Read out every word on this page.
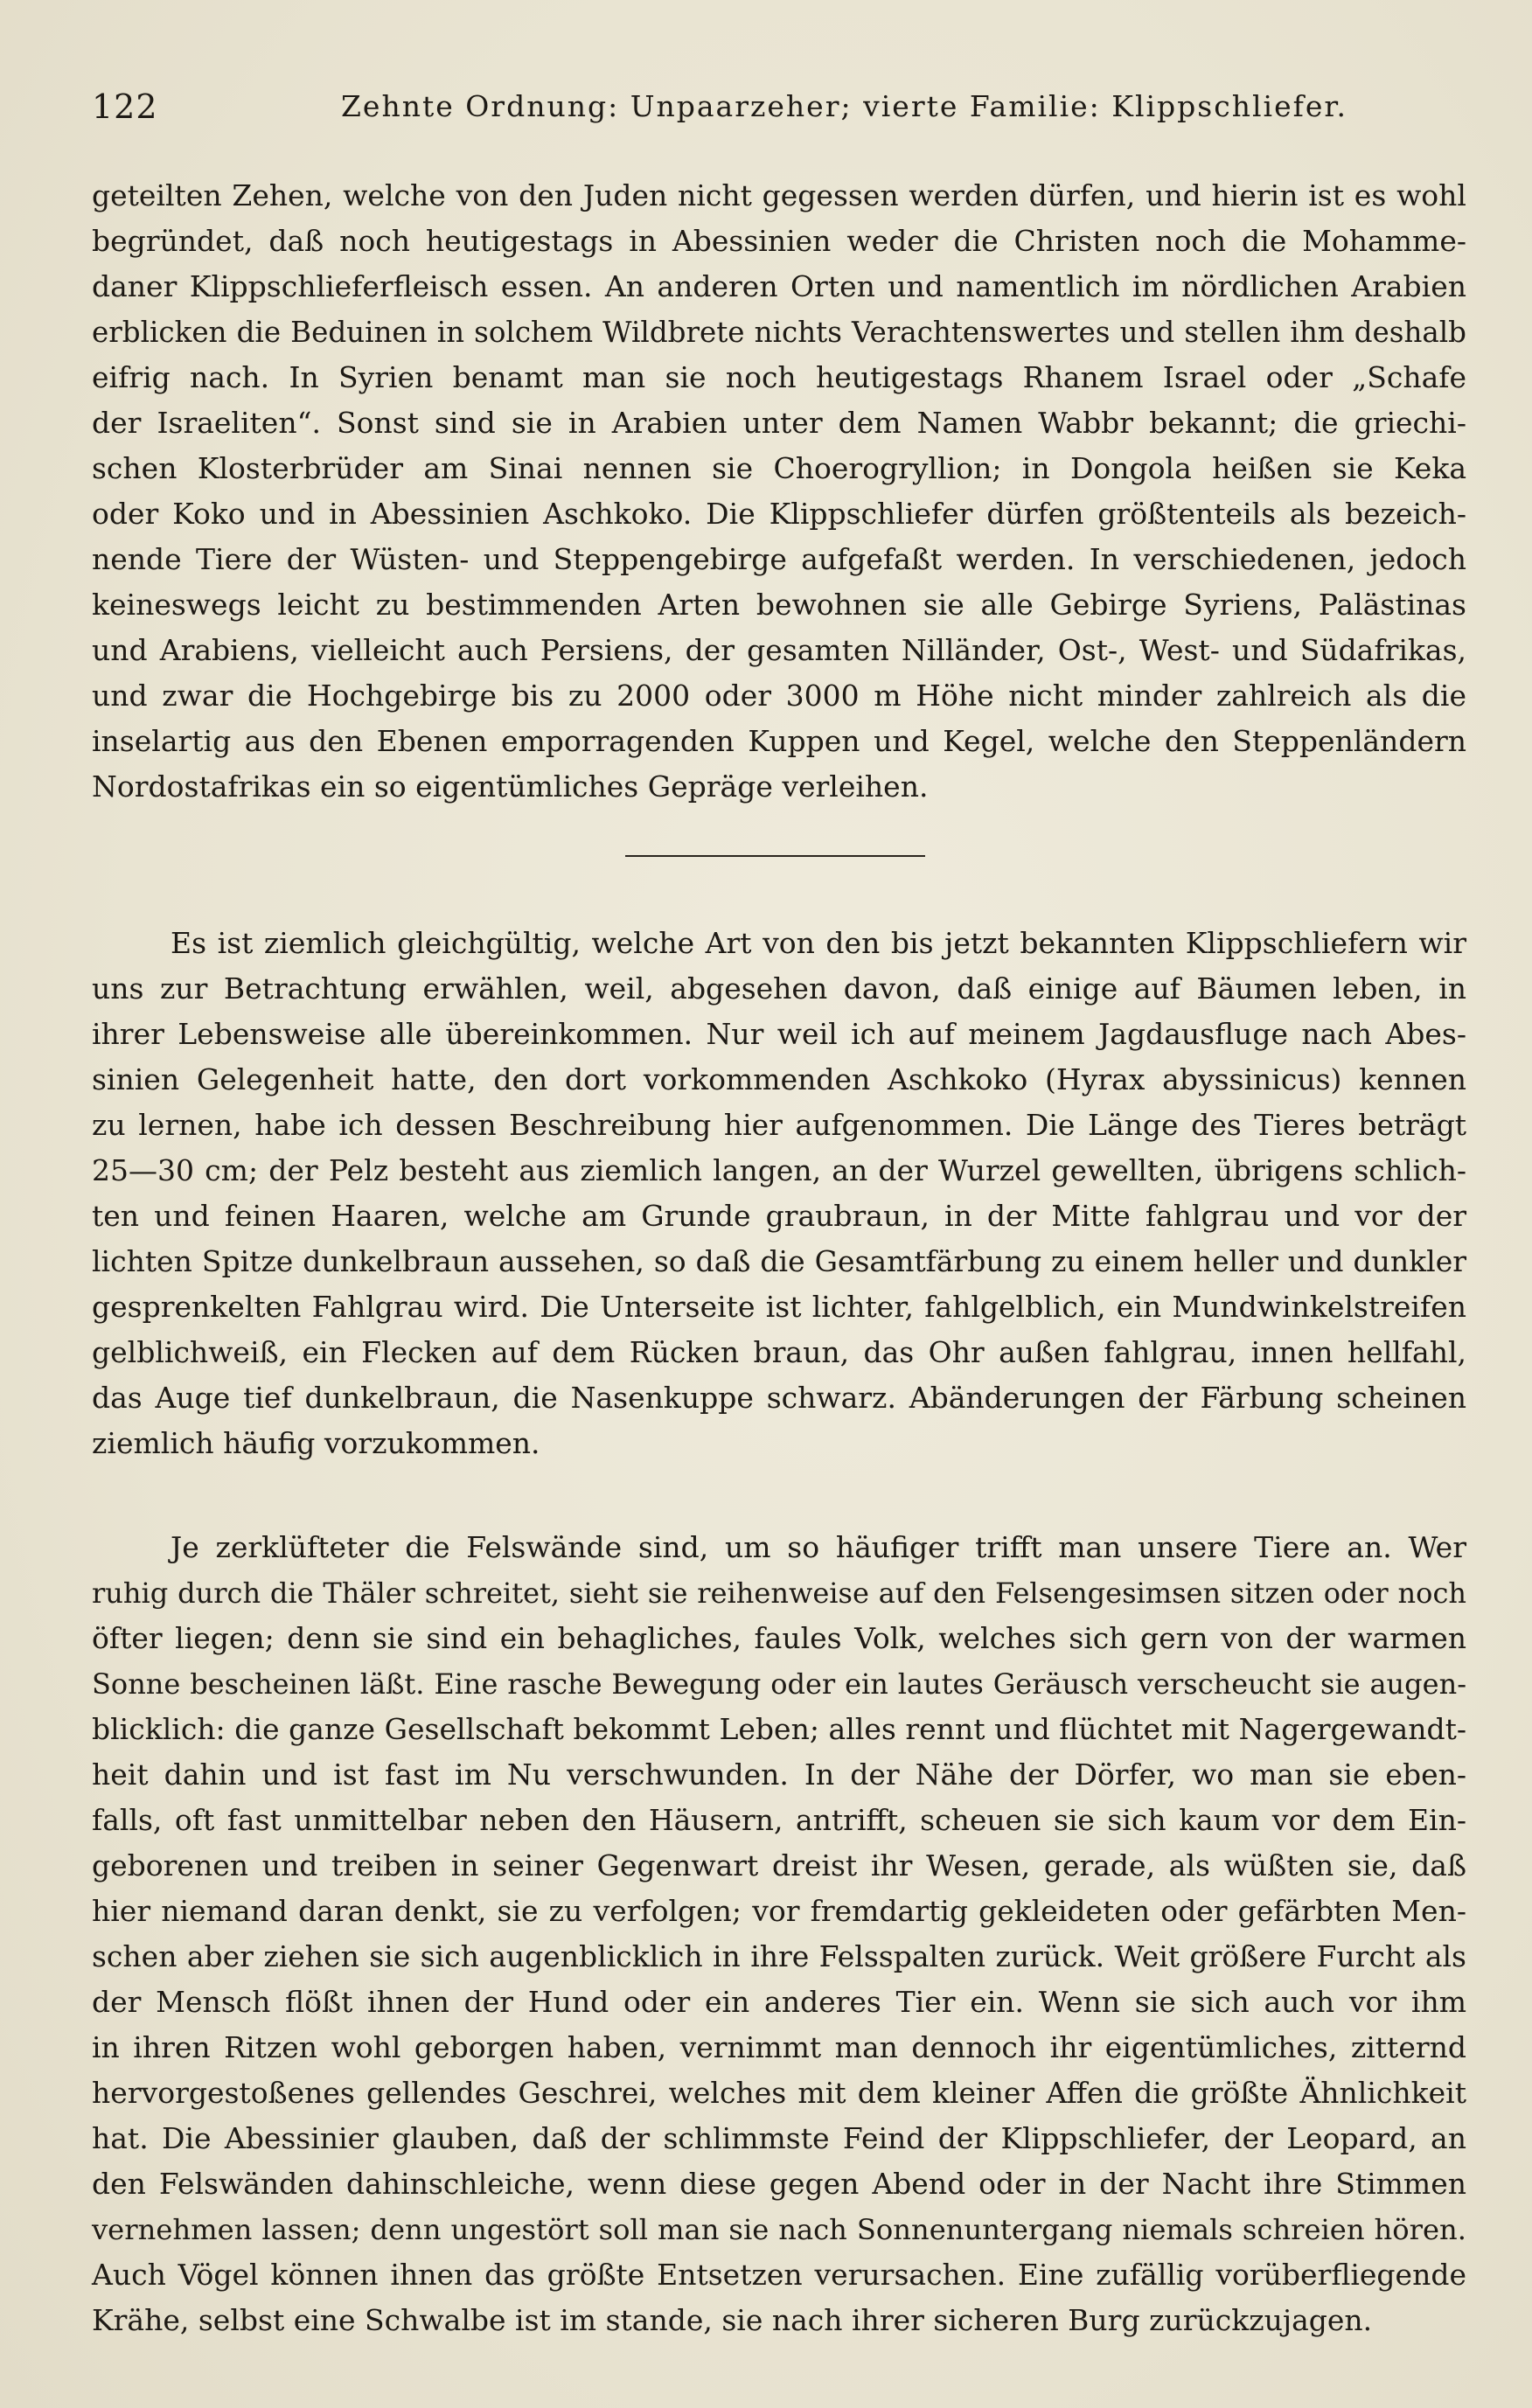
122	Zehnte Ordnung: Unpaarzeher; vierte Familie: Klippschliefer.
geteilten Zehen, welche von den Juden nicht gegessen werden dürfen, und hierin ist es wohl
begründet, daß noch heutigestags in Abessinien weder die Christen noch die Mohamme-
daner Klippschlieferfleisch essen. An anderen Orten und namentlich im nördlichen Arabien
erblicken die Beduinen in solchem Wildbrete nichts Verachtenswertes und stellen ihm deshalb
eifrig nach. In Syrien benamt man sie noch heutigestags Rhanem Israel oder „Schafe
der Israeliten“. Sonst sind sie in Arabien unter dem Namen Wabbr bekannt; die griechi-
schen Klosterbrüder am Sinai nennen sie Choerogryllion; in Dongola heißen sie Keka
oder Koko und in Abessinien Aschkoko. Die Klippschliefer dürfen größtenteils als bezeich-
nende Tiere der Wüsten- und Steppengebirge aufgefaßt werden. In verschiedenen, jedoch
keineswegs leicht zu bestimmenden Arten bewohnen sie alle Gebirge Syriens, Palästinas
und Arabiens, vielleicht auch Persiens, der gesamten Nilländer, Ost-, West- und Südafrikas,
und zwar die Hochgebirge bis zu 2000 oder 3000 m Höhe nicht minder zahlreich als die
inselartig aus den Ebenen emporragenden Kuppen und Kegel, welche den Steppenländern
Nordostafrikas ein so eigentümliches Gepräge verleihen.
Es ist ziemlich gleichgültig, welche Art von den bis jetzt bekannten Klippschliefern wir
uns zur Betrachtung erwählen, weil, abgesehen davon, daß einige auf Bäumen leben, in
ihrer Lebensweise alle übereinkommen. Nur weil ich auf meinem Jagdausfluge nach Abes-
sinien Gelegenheit hatte, den dort vorkommenden Aschkoko (Hyrax abyssinicus) kennen
zu lernen, habe ich dessen Beschreibung hier aufgenommen. Die Länge des Tieres beträgt
25—30 cm; der Pelz besteht aus ziemlich langen, an der Wurzel gewellten, übrigens schlich-
ten und feinen Haaren, welche am Grunde graubraun, in der Mitte fahlgrau und vor der
lichten Spitze dunkelbraun aussehen, so daß die Gesamtfärbung zu einem heller und dunkler
gesprenkelten Fahlgrau wird. Die Unterseite ist lichter, fahlgelblich, ein Mundwinkelstreifen
gelblichweiß, ein Flecken auf dem Rücken braun, das Ohr außen fahlgrau, innen hellfahl,
das Auge tief dunkelbraun, die Nasenkuppe schwarz. Abänderungen der Färbung scheinen
ziemlich häufig vorzukommen.
Je zerklüfteter die Felswände sind, um so häufiger trifft man unsere Tiere an. Wer
ruhig durch die Thäler schreitet, sieht sie reihenweise auf den Felsengesimsen sitzen oder noch
öfter liegen; denn sie sind ein behagliches, faules Volk, welches sich gern von der warmen
Sonne bescheinen läßt. Eine rasche Bewegung oder ein lautes Geräusch verscheucht sie augen-
blicklich: die ganze Gesellschaft bekommt Leben; alles rennt und flüchtet mit Nagergewandt-
heit dahin und ist fast im Nu verschwunden. In der Nähe der Dörfer, wo man sie eben-
falls, oft fast unmittelbar neben den Häusern, antrifft, scheuen sie sich kaum vor dem Ein-
geborenen und treiben in seiner Gegenwart dreist ihr Wesen, gerade, als wüßten sie, daß
hier niemand daran denkt, sie zu verfolgen; vor fremdartig gekleideten oder gefärbten Men-
schen aber ziehen sie sich augenblicklich in ihre Felsspalten zurück. Weit größere Furcht als
der Mensch flößt ihnen der Hund oder ein anderes Tier ein. Wenn sie sich auch vor ihm
in ihren Ritzen wohl geborgen haben, vernimmt man dennoch ihr eigentümliches, zitternd
hervorgestoßenes gellendes Geschrei, welches mit dem kleiner Affen die größte Ähnlichkeit
hat. Die Abessinier glauben, daß der schlimmste Feind der Klippschliefer, der Leopard, an
den Felswänden dahinschleiche, wenn diese gegen Abend oder in der Nacht ihre Stimmen
vernehmen lassen; denn ungestört soll man sie nach Sonnenuntergang niemals schreien hören.
Auch Vögel können ihnen das größte Entsetzen verursachen. Eine zufällig vorüberfliegende
Krähe, selbst eine Schwalbe ist im stande, sie nach ihrer sicheren Burg zurückzujagen.
